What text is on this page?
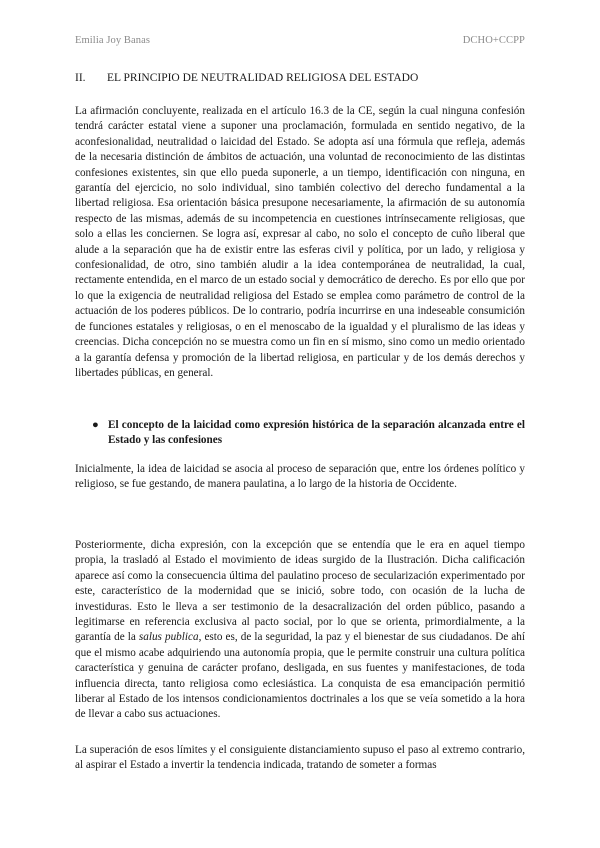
Emilia Joy Banas	DCHO+CCPP
II. EL PRINCIPIO DE NEUTRALIDAD RELIGIOSA DEL ESTADO
La afirmación concluyente, realizada en el artículo 16.3 de la CE, según la cual ninguna confesión tendrá carácter estatal viene a suponer una proclamación, formulada en sentido negativo, de la aconfesionalidad, neutralidad o laicidad del Estado. Se adopta así una fórmula que refleja, además de la necesaria distinción de ámbitos de actuación, una voluntad de reconocimiento de las distintas confesiones existentes, sin que ello pueda suponerle, a un tiempo, identificación con ninguna, en garantía del ejercicio, no solo individual, sino también colectivo del derecho fundamental a la libertad religiosa. Esa orientación básica presupone necesariamente, la afirmación de su autonomía respecto de las mismas, además de su incompetencia en cuestiones intrínsecamente religiosas, que solo a ellas les conciernen. Se logra así, expresar al cabo, no solo el concepto de cuño liberal que alude a la separación que ha de existir entre las esferas civil y política, por un lado, y religiosa y confesionalidad, de otro, sino también aludir a la idea contemporánea de neutralidad, la cual, rectamente entendida, en el marco de un estado social y democrático de derecho. Es por ello que por lo que la exigencia de neutralidad religiosa del Estado se emplea como parámetro de control de la actuación de los poderes públicos. De lo contrario, podría incurrirse en una indeseable consumición de funciones estatales y religiosas, o en el menoscabo de la igualdad y el pluralismo de las ideas y creencias. Dicha concepción no se muestra como un fin en sí mismo, sino como un medio orientado a la garantía defensa y promoción de la libertad religiosa, en particular y de los demás derechos y libertades públicas, en general.
● El concepto de la laicidad como expresión histórica de la separación alcanzada entre el Estado y las confesiones
Inicialmente, la idea de laicidad se asocia al proceso de separación que, entre los órdenes político y religioso, se fue gestando, de manera paulatina, a lo largo de la historia de Occidente.
Posteriormente, dicha expresión, con la excepción que se entendía que le era en aquel tiempo propia, la trasladó al Estado el movimiento de ideas surgido de la Ilustración. Dicha calificación aparece así como la consecuencia última del paulatino proceso de secularización experimentado por este, característico de la modernidad que se inició, sobre todo, con ocasión de la lucha de investiduras. Esto le lleva a ser testimonio de la desacralización del orden público, pasando a legitimarse en referencia exclusiva al pacto social, por lo que se orienta, primordialmente, a la garantía de la salus publica, esto es, de la seguridad, la paz y el bienestar de sus ciudadanos. De ahí que el mismo acabe adquiriendo una autonomía propia, que le permite construir una cultura política característica y genuina de carácter profano, desligada, en sus fuentes y manifestaciones, de toda influencia directa, tanto religiosa como eclesiástica. La conquista de esa emancipación permitió liberar al Estado de los intensos condicionamientos doctrinales a los que se veía sometido a la hora de llevar a cabo sus actuaciones.
La superación de esos límites y el consiguiente distanciamiento supuso el paso al extremo contrario, al aspirar el Estado a invertir la tendencia indicada, tratando de someter a formas
